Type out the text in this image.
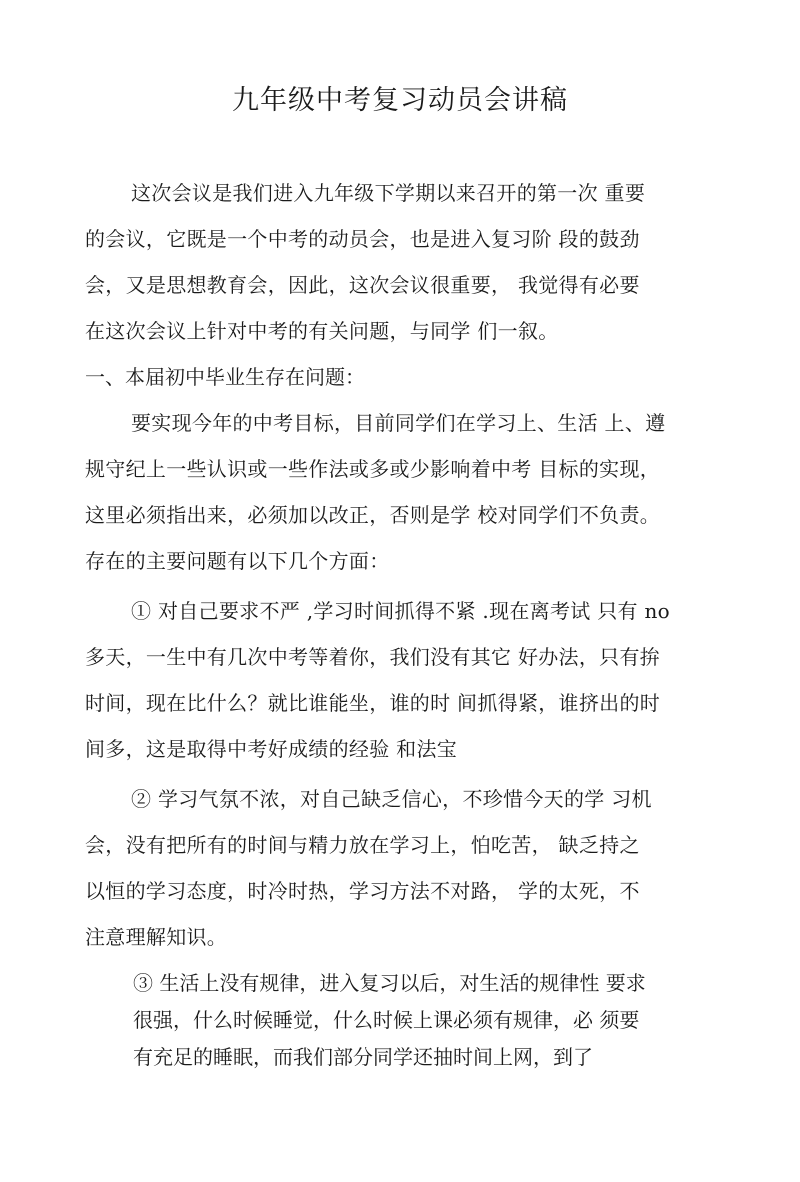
九年级中考复习动员会讲稿
这次会议是我们进入九年级下学期以来召开的第一次 重要
的会议，它既是一个中考的动员会，也是进入复习阶 段的鼓劲
会，又是思想教育会，因此，这次会议很重要， 我觉得有必要
在这次会议上针对中考的有关问题，与同学 们一叙。
一、本届初中毕业生存在问题：
要实现今年的中考目标，目前同学们在学习上、生活 上、遵
规守纪上一些认识或一些作法或多或少影响着中考 目标的实现，
这里必须指出来，必须加以改正，否则是学 校对同学们不负责。
存在的主要问题有以下几个方面：
① 对自己要求不严 ,学习时间抓得不紧 .现在离考试 只有 no
多天，一生中有几次中考等着你，我们没有其它 好办法，只有拚
时间，现在比什么？就比谁能坐，谁的时 间抓得紧，谁挤出的时
间多，这是取得中考好成绩的经验 和法宝
② 学习气氛不浓，对自己缺乏信心，不珍惜今天的学 习机
会，没有把所有的时间与精力放在学习上，怕吃苦， 缺乏持之
以恒的学习态度，时冷时热，学习方法不对路， 学的太死，不
注意理解知识。
③ 生活上没有规律，进入复习以后，对生活的规律性 要求
很强，什么时候睡觉，什么时候上课必须有规律，必 须要
有充足的睡眠，而我们部分同学还抽时间上网，到了
